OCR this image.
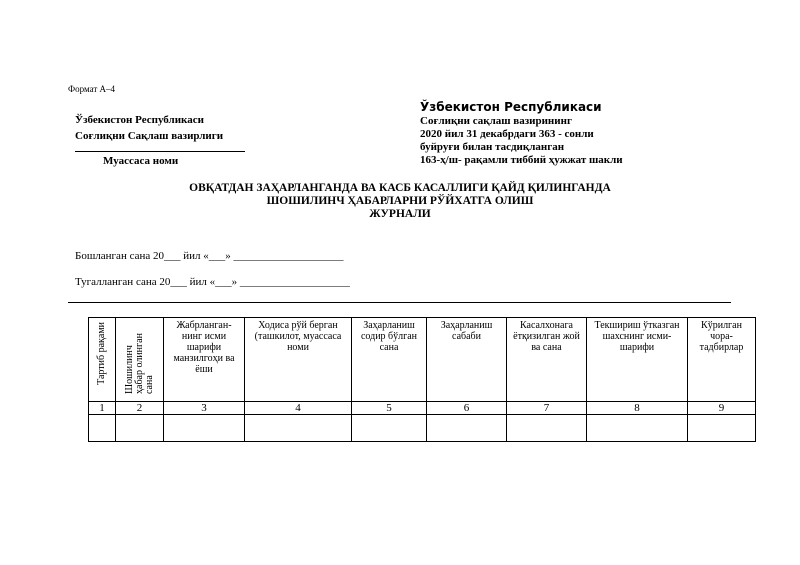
Формат А–4
Ўзбекистон Республикаси
Соғлиқни Сақлаш вазирлиги
Муассаса номи
Ўзбекистон Республикаси
Соғлиқни сақлаш вазирининг
2020 йил 31 декабрдаги 363 - сонли
буйруғи билан тасдиқланган
163-ҳ/ш- рақамли тиббий ҳужжат шакли
ОВҚАТДАН ЗАҲАРЛАНГАНДА ВА КАСБ КАСАЛЛИГИ ҚАЙД ҚИЛИНГАНДА
ШОШИЛИНЧ ҲАБАРЛАРНИ РЎЙХАТГА ОЛИШ
ЖУРНАЛИ
Бошланган сана 20___ йил «___» ____________________
Тугалланган сана 20___ йил «___» ____________________
Тартиб рақами	Шошилинч ҳабар олинган сана	Жабрланган-нинг исми шарифи манзилгоҳи ва ёши	Ходиса рўй берган (ташкилот, муассаса номи	Заҳарланиш содир бўлган сана	Заҳарланиш сабаби	Касалхонага ётқизилган жой ва сана	Текшириш ўтказган шахснинг исми-шарифи	Кўрилган чора-тадбирлар

1	2	3	4	5	6	7	8	9
